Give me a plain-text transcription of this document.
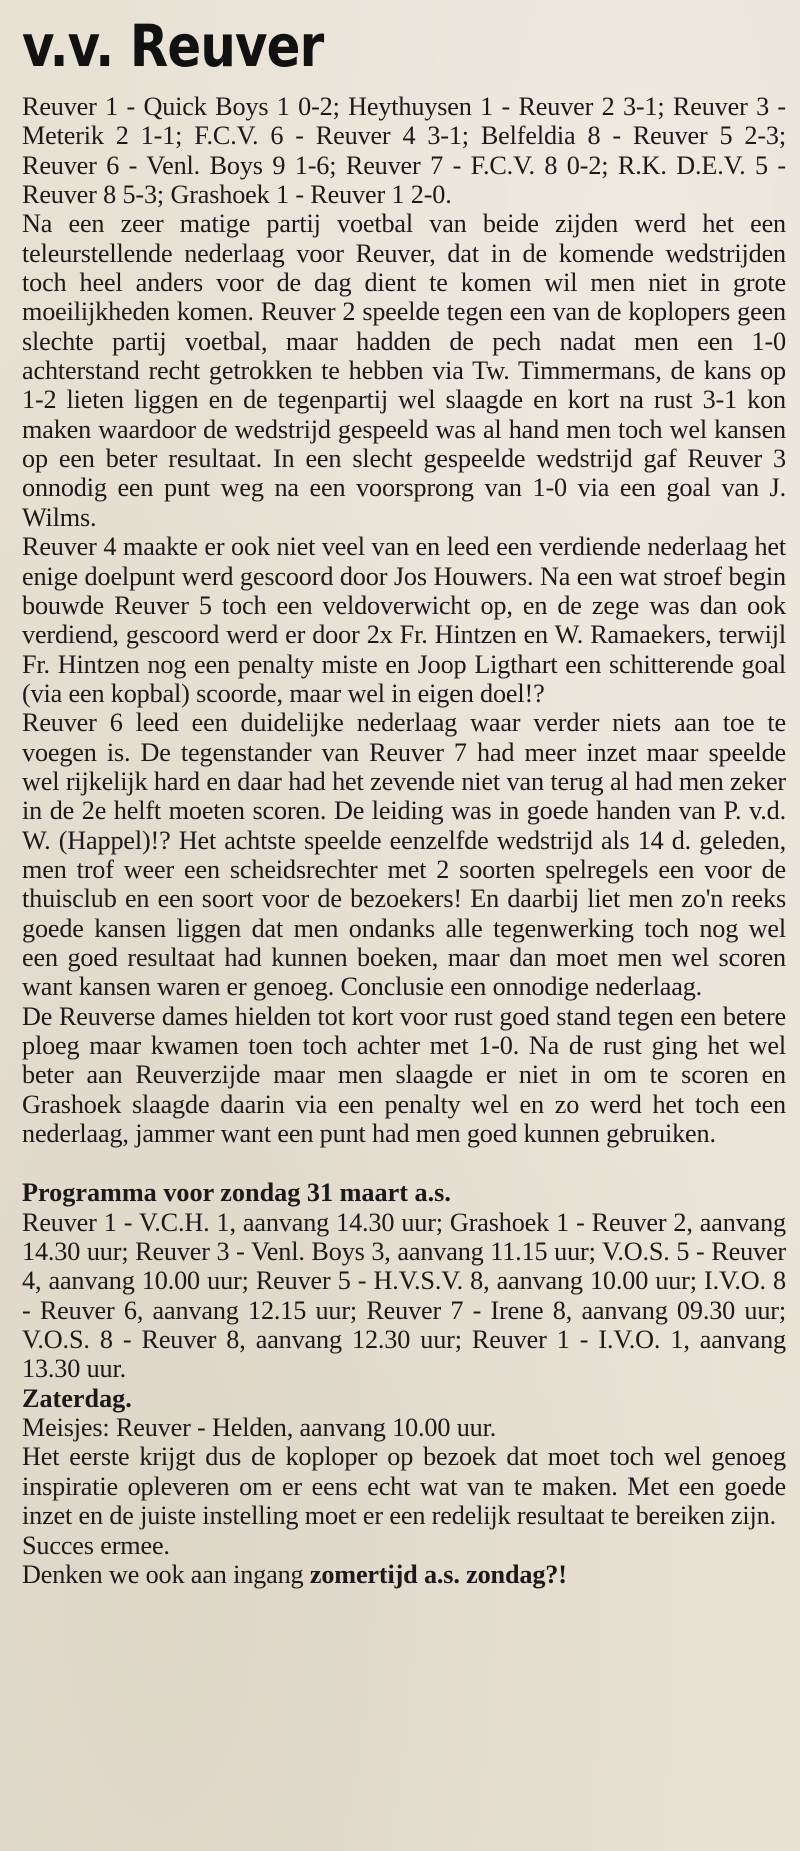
v.v. Reuver

Reuver 1 - Quick Boys 1 0-2; Heythuysen 1 - Reuver 2 3-1; Reuver 3 - Meterik 2 1-1; F.C.V. 6 - Reuver 4 3-1; Belfeldia 8 - Reuver 5 2-3; Reuver 6 - Venl. Boys 9 1-6; Reuver 7 - F.C.V. 8 0-2; R.K. D.E.V. 5 - Reuver 8 5-3; Grashoek 1 - Reuver 1 2-0.

Na een zeer matige partij voetbal van beide zijden werd het een teleurstellende nederlaag voor Reuver, dat in de komende wedstrijden toch heel anders voor de dag dient te komen wil men niet in grote moeilijkheden komen. Reuver 2 speelde tegen een van de koplopers geen slechte partij voetbal, maar hadden de pech nadat men een 1-0 achterstand recht getrokken te hebben via Tw. Timmermans, de kans op 1-2 lieten liggen en de tegenpartij wel slaagde en kort na rust 3-1 kon maken waardoor de wedstrijd gespeeld was al hand men toch wel kansen op een beter resultaat. In een slecht gespeelde wedstrijd gaf Reuver 3 onnodig een punt weg na een voorsprong van 1-0 via een goal van J. Wilms.

Reuver 4 maakte er ook niet veel van en leed een verdiende nederlaag het enige doelpunt werd gescoord door Jos Houwers. Na een wat stroef begin bouwde Reuver 5 toch een veldoverwicht op, en de zege was dan ook verdiend, gescoord werd er door 2x Fr. Hintzen en W. Ramaekers, terwijl Fr. Hintzen nog een penalty miste en Joop Ligthart een schitterende goal (via een kopbal) scoorde, maar wel in eigen doel!?

Reuver 6 leed een duidelijke nederlaag waar verder niets aan toe te voegen is. De tegenstander van Reuver 7 had meer inzet maar speelde wel rijkelijk hard en daar had het zevende niet van terug al had men zeker in de 2e helft moeten scoren. De leiding was in goede handen van P. v.d. W. (Happel)!? Het achtste speelde eenzelfde wedstrijd als 14 d. geleden, men trof weer een scheidsrechter met 2 soorten spelregels een voor de thuisclub en een soort voor de bezoekers! En daarbij liet men zo'n reeks goede kansen liggen dat men ondanks alle tegenwerking toch nog wel een goed resultaat had kunnen boeken, maar dan moet men wel scoren want kansen waren er genoeg. Conclusie een onnodige nederlaag.

De Reuverse dames hielden tot kort voor rust goed stand tegen een betere ploeg maar kwamen toen toch achter met 1-0. Na de rust ging het wel beter aan Reuverzijde maar men slaagde er niet in om te scoren en Grashoek slaagde daarin via een penalty wel en zo werd het toch een nederlaag, jammer want een punt had men goed kunnen gebruiken.

Programma voor zondag 31 maart a.s.

Reuver 1 - V.C.H. 1, aanvang 14.30 uur; Grashoek 1 - Reuver 2, aanvang 14.30 uur; Reuver 3 - Venl. Boys 3, aanvang 11.15 uur; V.O.S. 5 - Reuver 4, aanvang 10.00 uur; Reuver 5 - H.V.S.V. 8, aanvang 10.00 uur; I.V.O. 8 - Reuver 6, aanvang 12.15 uur; Reuver 7 - Irene 8, aanvang 09.30 uur; V.O.S. 8 - Reuver 8, aanvang 12.30 uur; Reuver 1 - I.V.O. 1, aanvang 13.30 uur.

Zaterdag.

Meisjes: Reuver - Helden, aanvang 10.00 uur.

Het eerste krijgt dus de koploper op bezoek dat moet toch wel genoeg inspiratie opleveren om er eens echt wat van te maken. Met een goede inzet en de juiste instelling moet er een redelijk resultaat te bereiken zijn.

Succes ermee.

Denken we ook aan ingang zomertijd a.s. zondag?!
